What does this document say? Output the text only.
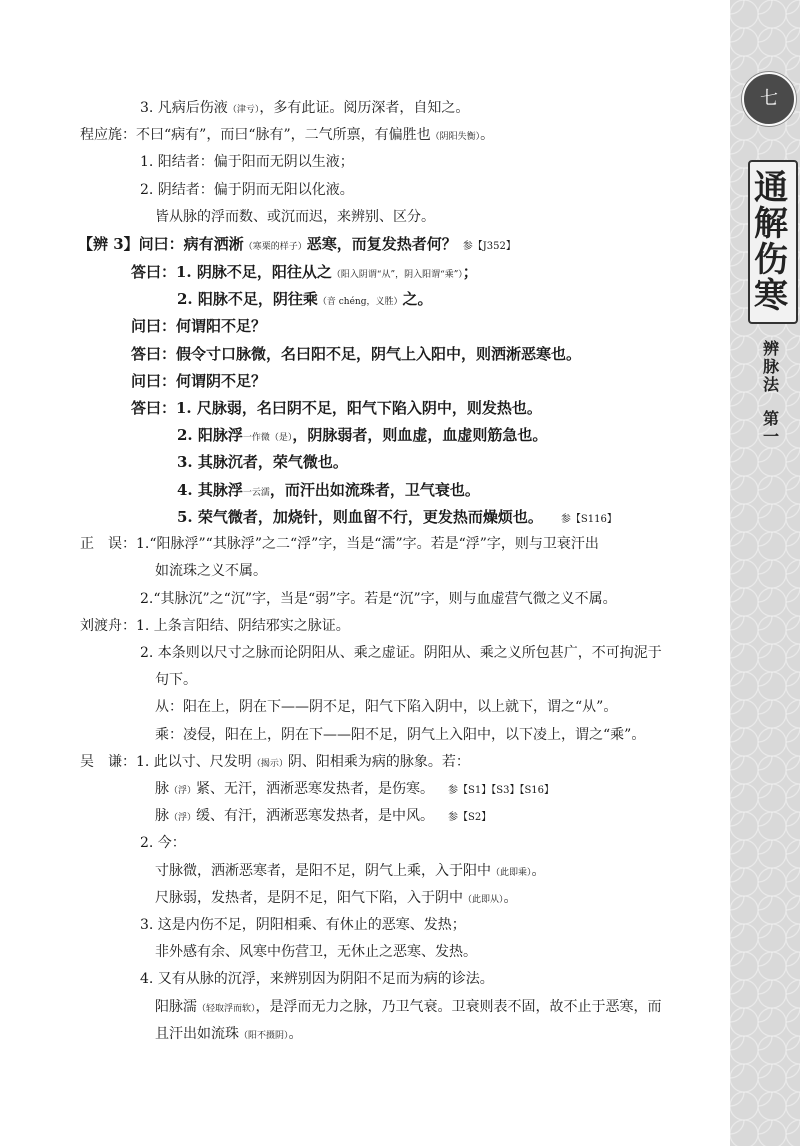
3. 凡病后伤液（津亏），多有此证。阅历深者，自知之。
程应旄：不曰“病有”，而曰“脉有”，二气所禀，有偏胜也（阴阳失衡）。
1. 阳结者：偏于阳而无阴以生液；
2. 阴结者：偏于阴而无阳以化液。
皆从脉的浮而数、或沉而迟，来辨别、区分。
【辨 3】问曰：病有洒淅（寒栗的样子）恶寒，而复发热者何？ 参【J352】
答曰：1. 阴脉不足，阳往从之（阳入阴谓“从”，阴入阳谓“乘”）；
2. 阳脉不足，阴往乘（音 chéng，义胜）之。
问曰：何谓阳不足？
答曰：假令寸口脉微，名曰阳不足，阴气上入阳中，则洒淅恶寒也。
问曰：何谓阴不足？
答曰：1. 尺脉弱，名曰阴不足，阳气下陷入阴中，则发热也。
2. 阳脉浮一作微（是），阴脉弱者，则血虚，血虚则筋急也。
3. 其脉沉者，荣气微也。
4. 其脉浮一云濡，而汗出如流珠者，卫气衰也。
5. 荣气微者，加烧针，则血留不行，更发热而燥烦也。 参【S116】
正　误：1.“阳脉浮”“其脉浮”之二“浮”字，当是“濡”字。若是“浮”字，则与卫衰汗出
如流珠之义不属。
2.“其脉沉”之“沉”字，当是“弱”字。若是“沉”字，则与血虚营气微之义不属。
刘渡舟：1. 上条言阳结、阴结邪实之脉证。
2. 本条则以尺寸之脉而论阴阳从、乘之虚证。阴阳从、乘之义所包甚广，不可拘泥于
句下。
从：阳在上，阴在下——阴不足，阳气下陷入阴中，以上就下，谓之“从”。
乘：凌侵，阳在上，阴在下——阳不足，阴气上入阳中，以下凌上，谓之“乘”。
吴　谦：1. 此以寸、尺发明（揭示）阴、阳相乘为病的脉象。若：
脉（浮）紧、无汗，洒淅恶寒发热者，是伤寒。 参【S1】【S3】【S16】
脉（浮）缓、有汗，洒淅恶寒发热者，是中风。 参【S2】
2. 今：
寸脉微，洒淅恶寒者，是阳不足，阴气上乘，入于阳中（此即乘）。
尺脉弱，发热者，是阴不足，阳气下陷，入于阴中（此即从）。
3. 这是内伤不足，阴阳相乘、有休止的恶寒、发热；
非外感有余、风寒中伤营卫，无休止之恶寒、发热。
4. 又有从脉的沉浮，来辨别因为阴阳不足而为病的诊法。
阳脉濡（轻取浮而软），是浮而无力之脉，乃卫气衰。卫衰则表不固，故不止于恶寒，而
且汗出如流珠（阳不摄阴）。
七
通解伤寒
辨脉法
第一
